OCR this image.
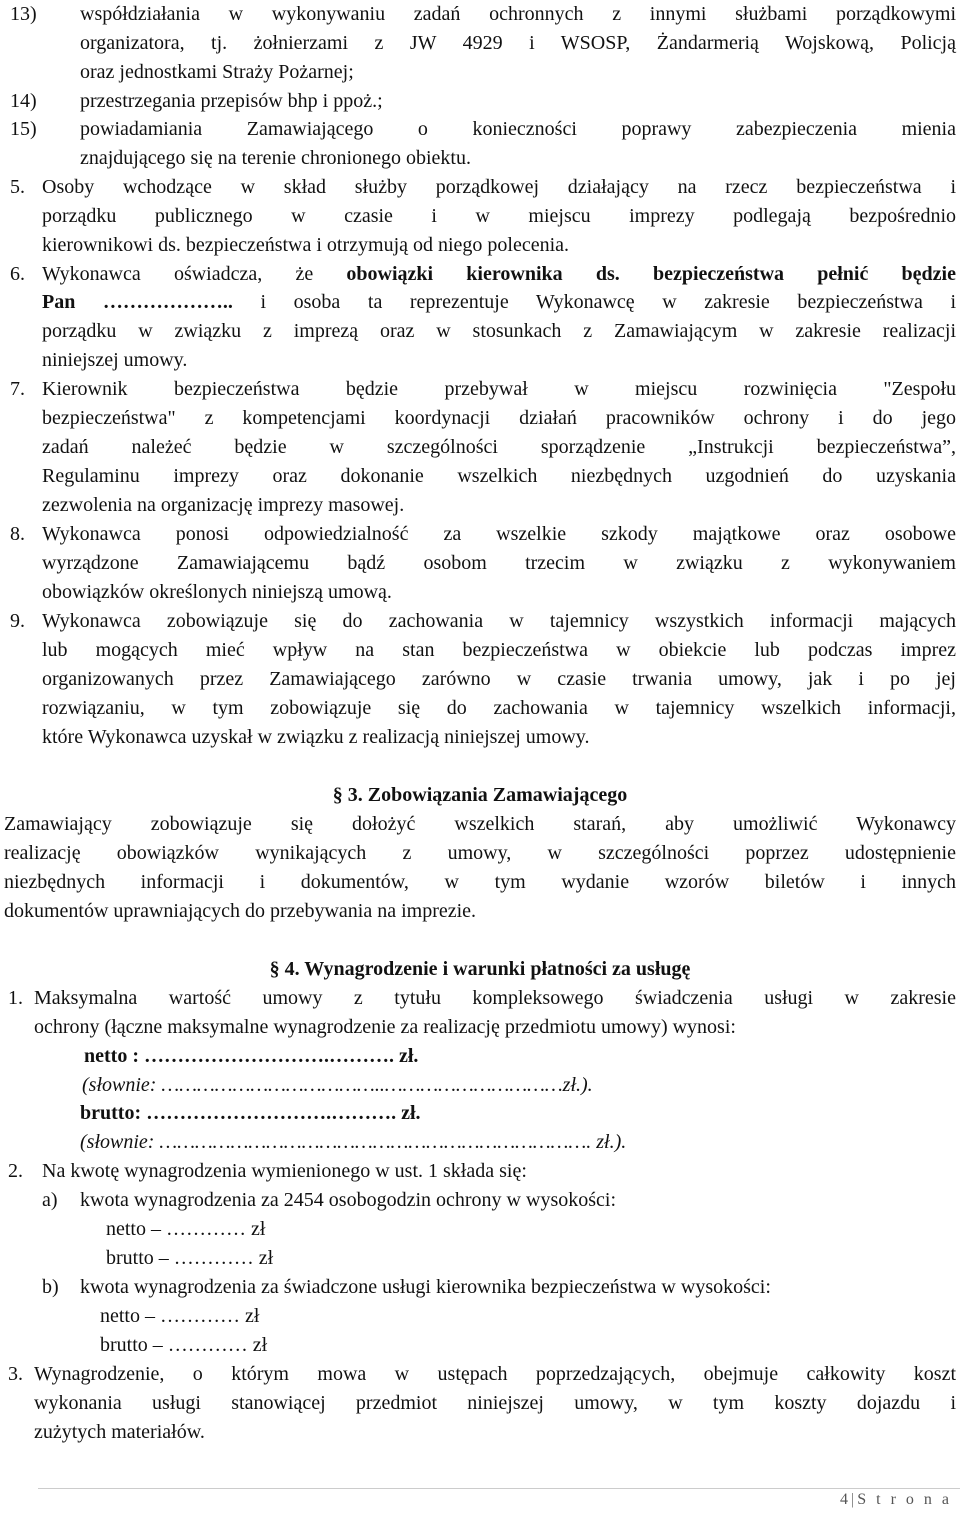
13) współdziałania w wykonywaniu zadań ochronnych z innymi służbami porządkowymi
organizatora, tj. żołnierzami z JW 4929 i WSOSP, Żandarmerią Wojskową, Policją
oraz jednostkami Straży Pożarnej;
14) przestrzegania przepisów bhp i ppoż.;
15) powiadamiania Zamawiającego o konieczności poprawy zabezpieczenia mienia
znajdującego się na terenie chronionego obiektu.
5. Osoby wchodzące w skład służby porządkowej działający na rzecz bezpieczeństwa i
porządku publicznego w czasie i w miejscu imprezy podlegają bezpośrednio
kierownikowi ds. bezpieczeństwa i otrzymują od niego polecenia.
6. Wykonawca oświadcza, że obowiązki kierownika ds. bezpieczeństwa pełnić będzie
Pan ……………….. i osoba ta reprezentuje Wykonawcę w zakresie bezpieczeństwa i
porządku w związku z imprezą oraz w stosunkach z Zamawiającym w zakresie realizacji
niniejszej umowy.
7. Kierownik bezpieczeństwa będzie przebywał w miejscu rozwinięcia "Zespołu
bezpieczeństwa" z kompetencjami koordynacji działań pracowników ochrony i do jego
zadań należeć będzie w szczególności sporządzenie „Instrukcji bezpieczeństwa”,
Regulaminu imprezy oraz dokonanie wszelkich niezbędnych uzgodnień do uzyskania
zezwolenia na organizację imprezy masowej.
8. Wykonawca ponosi odpowiedzialność za wszelkie szkody majątkowe oraz osobowe
wyrządzone Zamawiającemu bądź osobom trzecim w związku z wykonywaniem
obowiązków określonych niniejszą umową.
9. Wykonawca zobowiązuje się do zachowania w tajemnicy wszystkich informacji mających
lub mogących mieć wpływ na stan bezpieczeństwa w obiekcie lub podczas imprez
organizowanych przez Zamawiającego zarówno w czasie trwania umowy, jak i po jej
rozwiązaniu, w tym zobowiązuje się do zachowania w tajemnicy wszelkich informacji,
które Wykonawca uzyskał w związku z realizacją niniejszej umowy.
§ 3. Zobowiązania Zamawiającego
Zamawiający zobowiązuje się dołożyć wszelkich starań, aby umożliwić Wykonawcy
realizację obowiązków wynikających z umowy, w szczególności poprzez udostępnienie
niezbędnych informacji i dokumentów, w tym wydanie wzorów biletów i innych
dokumentów uprawniających do przebywania na imprezie.
§ 4. Wynagrodzenie i warunki płatności za usługę
1. Maksymalna wartość umowy z tytułu kompleksowego świadczenia usługi w zakresie
ochrony (łączne maksymalne wynagrodzenie za realizację przedmiotu umowy) wynosi:
netto : ……………………….………. zł.
(słownie: ………………………………..…………………………zł.).
brutto: ……………………….………. zł.
(słownie: ………………………………………………………………. zł.).
2. Na kwotę wynagrodzenia wymienionego w ust. 1 składa się:
a) kwota wynagrodzenia za 2454 osobogodzin ochrony w wysokości:
netto – ………… zł
brutto – ………… zł
b) kwota wynagrodzenia za świadczone usługi kierownika bezpieczeństwa w wysokości:
netto – ………… zł
brutto – ………… zł
3. Wynagrodzenie, o którym mowa w ustępach poprzedzających, obejmuje całkowity koszt
wykonania usługi stanowiącej przedmiot niniejszej umowy, w tym koszty dojazdu i
zużytych materiałów.
4|S t r o n a
